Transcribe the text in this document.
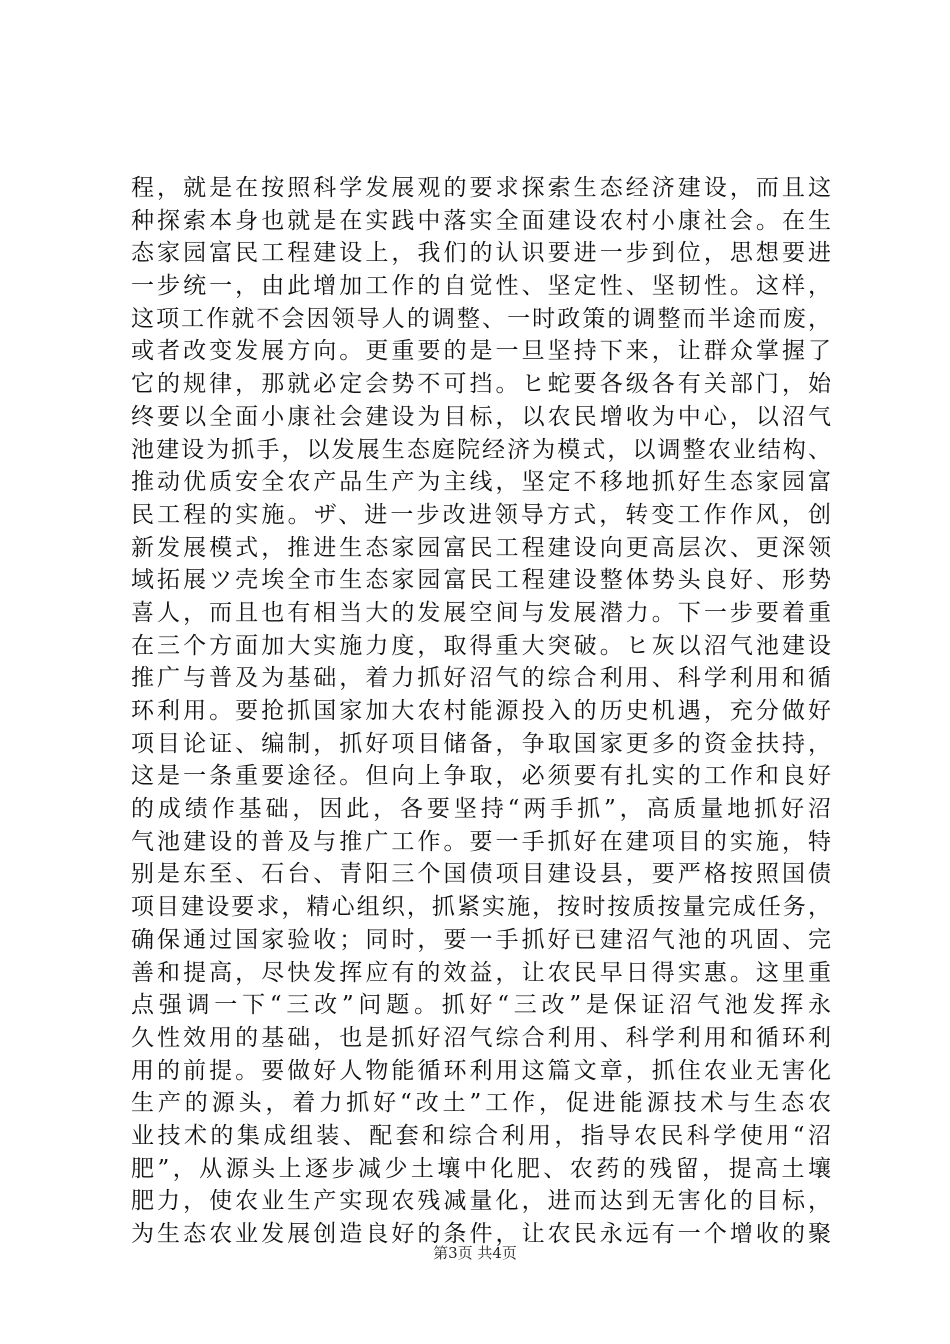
程，就是在按照科学发展观的要求探索生态经济建设，而且这
种探索本身也就是在实践中落实全面建设农村小康社会。在生
态家园富民工程建设上，我们的认识要进一步到位，思想要进
一步统一，由此增加工作的自觉性、坚定性、坚韧性。这样，
这项工作就不会因领导人的调整、一时政策的调整而半途而废，
或者改变发展方向。更重要的是一旦坚持下来，让群众掌握了
它的规律，那就必定会势不可挡。ヒ蛇要各级各有关部门，始
终要以全面小康社会建设为目标，以农民增收为中心，以沼气
池建设为抓手，以发展生态庭院经济为模式，以调整农业结构、
推动优质安全农产品生产为主线，坚定不移地抓好生态家园富
民工程的实施。ザ、进一步改进领导方式，转变工作作风，创
新发展模式，推进生态家园富民工程建设向更高层次、更深领
域拓展ツ壳埃全市生态家园富民工程建设整体势头良好、形势
喜人，而且也有相当大的发展空间与发展潜力。下一步要着重
在三个方面加大实施力度，取得重大突破。ヒ灰以沼气池建设
推广与普及为基础，着力抓好沼气的综合利用、科学利用和循
环利用。要抢抓国家加大农村能源投入的历史机遇，充分做好
项目论证、编制，抓好项目储备，争取国家更多的资金扶持，
这是一条重要途径。但向上争取，必须要有扎实的工作和良好
的成绩作基础，因此，各要坚持“两手抓”，高质量地抓好沼
气池建设的普及与推广工作。要一手抓好在建项目的实施，特
别是东至、石台、青阳三个国债项目建设县，要严格按照国债
项目建设要求，精心组织，抓紧实施，按时按质按量完成任务，
确保通过国家验收；同时，要一手抓好已建沼气池的巩固、完
善和提高，尽快发挥应有的效益，让农民早日得实惠。这里重
点强调一下“三改”问题。抓好“三改”是保证沼气池发挥永
久性效用的基础，也是抓好沼气综合利用、科学利用和循环利
用的前提。要做好人物能循环利用这篇文章，抓住农业无害化
生产的源头，着力抓好“改土”工作，促进能源技术与生态农
业技术的集成组装、配套和综合利用，指导农民科学使用“沼
肥”，从源头上逐步减少土壤中化肥、农药的残留，提高土壤
肥力，使农业生产实现农残减量化，进而达到无害化的目标，
为生态农业发展创造良好的条件，让农民永远有一个增收的聚
第3页 共4页
